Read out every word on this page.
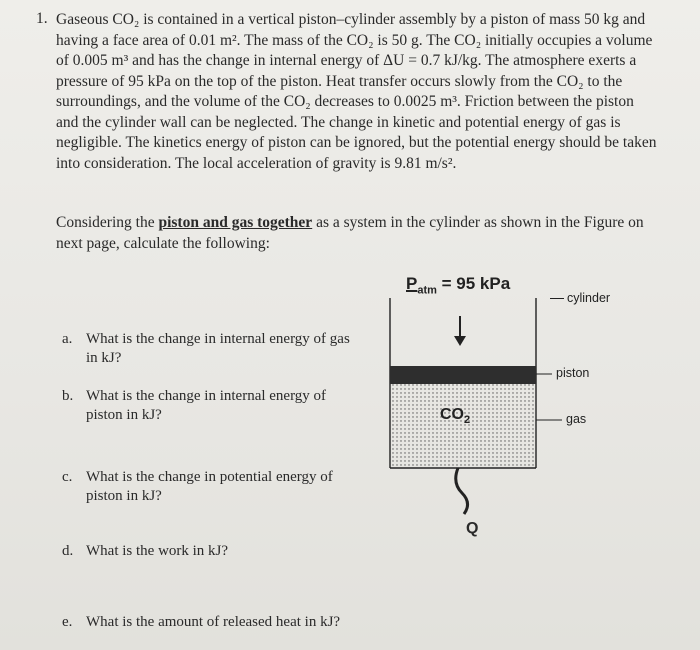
1. Gaseous CO₂ is contained in a vertical piston–cylinder assembly by a piston of mass 50 kg and having a face area of 0.01 m². The mass of the CO₂ is 50 g. The CO₂ initially occupies a volume of 0.005 m³ and has the change in internal energy of ΔU = 0.7 kJ/kg. The atmosphere exerts a pressure of 95 kPa on the top of the piston. Heat transfer occurs slowly from the CO₂ to the surroundings, and the volume of the CO₂ decreases to 0.0025 m³. Friction between the piston and the cylinder wall can be neglected. The change in kinetic and potential energy of gas is negligible. The kinetics energy of piston can be ignored, but the potential energy should be taken into consideration. The local acceleration of gravity is 9.81 m/s².

Considering the piston and gas together as a system in the cylinder as shown in the Figure on next page, calculate the following:

a. What is the change in internal energy of gas in kJ?
b. What is the change in internal energy of piston in kJ?
c. What is the change in potential energy of piston in kJ?
d. What is the work in kJ?
e. What is the amount of released heat in kJ?
$P_{atm} = 95$ kPa
cylinder
piston
gas
$CO_2$
Q
